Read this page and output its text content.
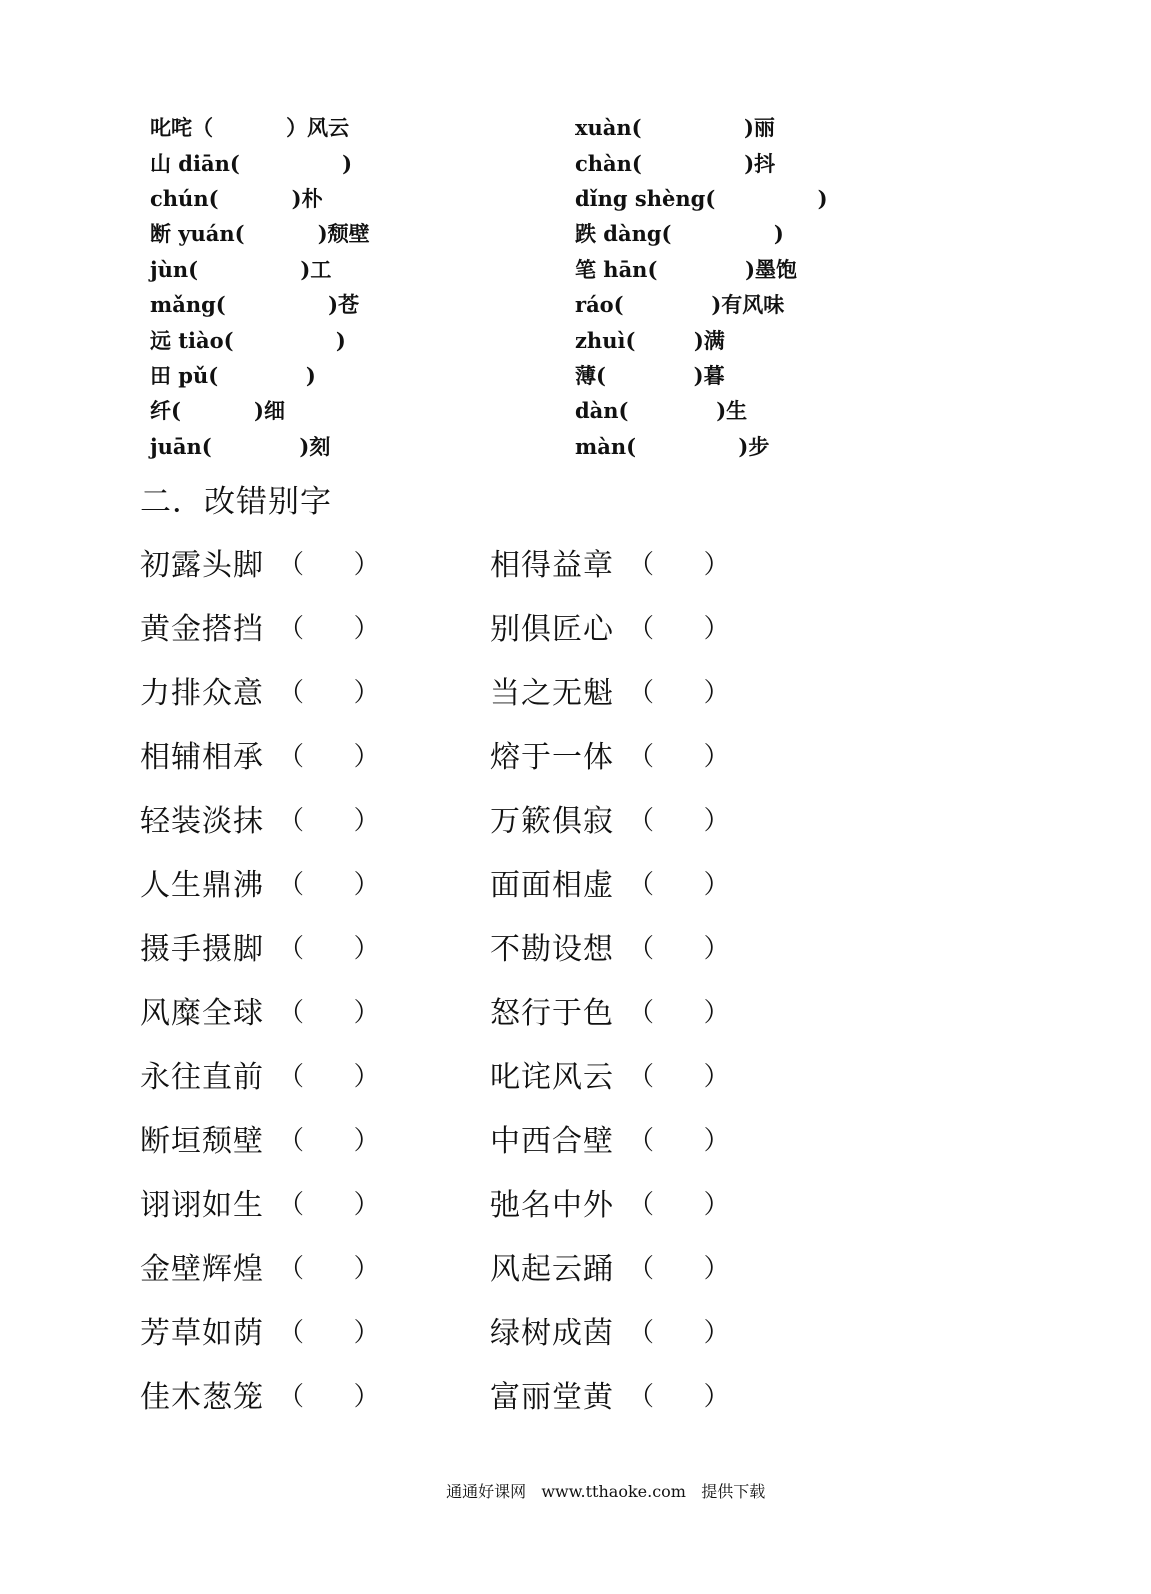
叱咤（          ）风云	xuàn(              )丽
山 diān(              )	chàn(              )抖
chún(          )朴	dǐng shèng(              )
断 yuán(          )颓壁	跌 dàng(              )
jùn(              )工	笔 hān(            )墨饱
mǎng(              )苍	ráo(            )有风味
远 tiào(              )	zhuì(        )满
田 pǔ(            )	薄(            )暮
纤(          )细	dàn(            )生
juān(            )刻	màn(              )步
二．改错别字
初露头脚 （      ）	相得益章 （      ）
黄金搭挡 （      ）	别俱匠心 （      ）
力排众意 （      ）	当之无魁 （      ）
相辅相承 （      ）	熔于一体 （      ）
轻装淡抹 （      ）	万簌俱寂 （      ）
人生鼎沸 （      ）	面面相虚 （      ）
摄手摄脚 （      ）	不勘设想 （      ）
风糜全球 （      ）	怒行于色 （      ）
永往直前 （      ）	叱诧风云 （      ）
断垣颓壁 （      ）	中西合壁 （      ）
诩诩如生 （      ）	弛名中外 （      ）
金壁辉煌 （      ）	风起云踊 （      ）
芳草如荫 （      ）	绿树成茵 （      ）
佳木葱笼 （      ）	富丽堂黄 （      ）

通通好课网   www.tthaoke.com   提供下载
